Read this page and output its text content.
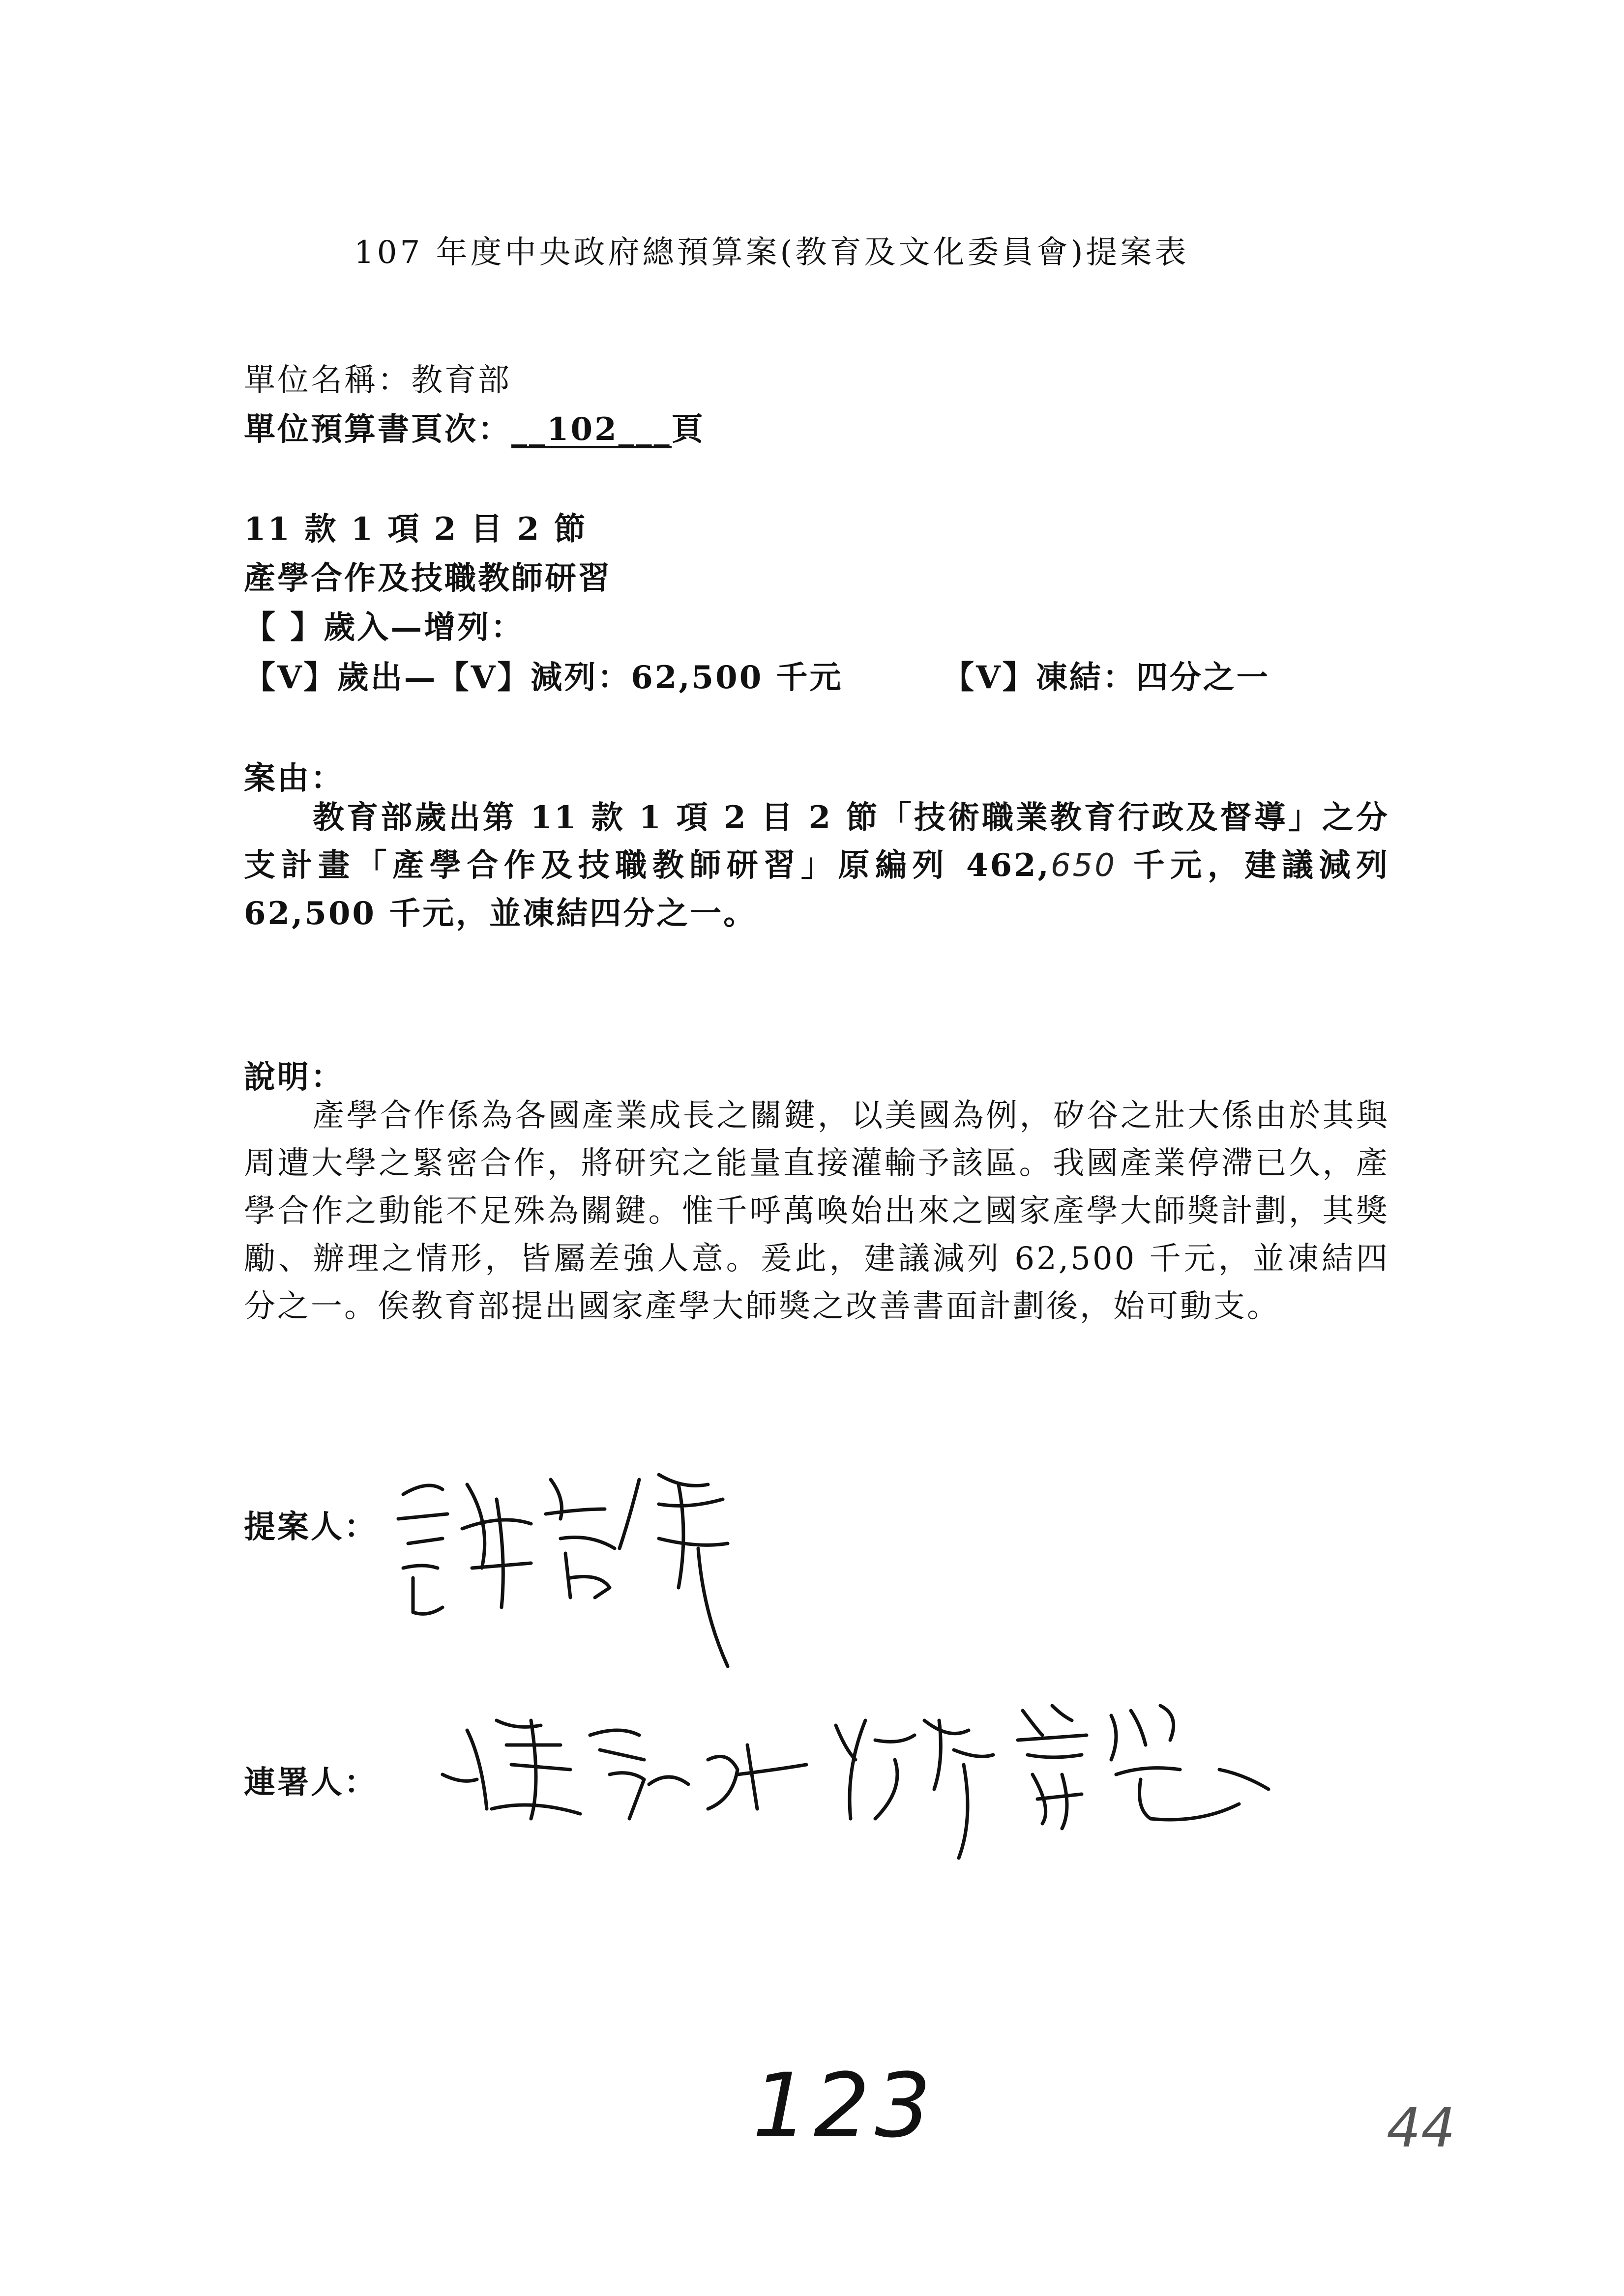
107 年度中央政府總預算案(教育及文化委員會)提案表
單位名稱：教育部
單位預算書頁次：__102___頁
11 款 1 項 2 目 2 節
產學合作及技職教師研習
【 】歲入—增列：
【V】歲出—【V】減列：62,500 千元	【V】凍結：四分之一
案由：
教育部歲出第 11 款 1 項 2 目 2 節「技術職業教育行政及督導」之分支計畫「產學合作及技職教師研習」原編列 462,650 千元，建議減列 62,500 千元，並凍結四分之一。
說明：
產學合作係為各國產業成長之關鍵，以美國為例，矽谷之壯大係由於其與周遭大學之緊密合作，將研究之能量直接灌輸予該區。我國產業停滯已久，產學合作之動能不足殊為關鍵。惟千呼萬喚始出來之國家產學大師獎計劃，其獎勵、辦理之情形，皆屬差強人意。爰此，建議減列 62,500 千元，並凍結四分之一。俟教育部提出國家產學大師獎之改善書面計劃後，始可動支。
提案人：
連署人：
123	44
